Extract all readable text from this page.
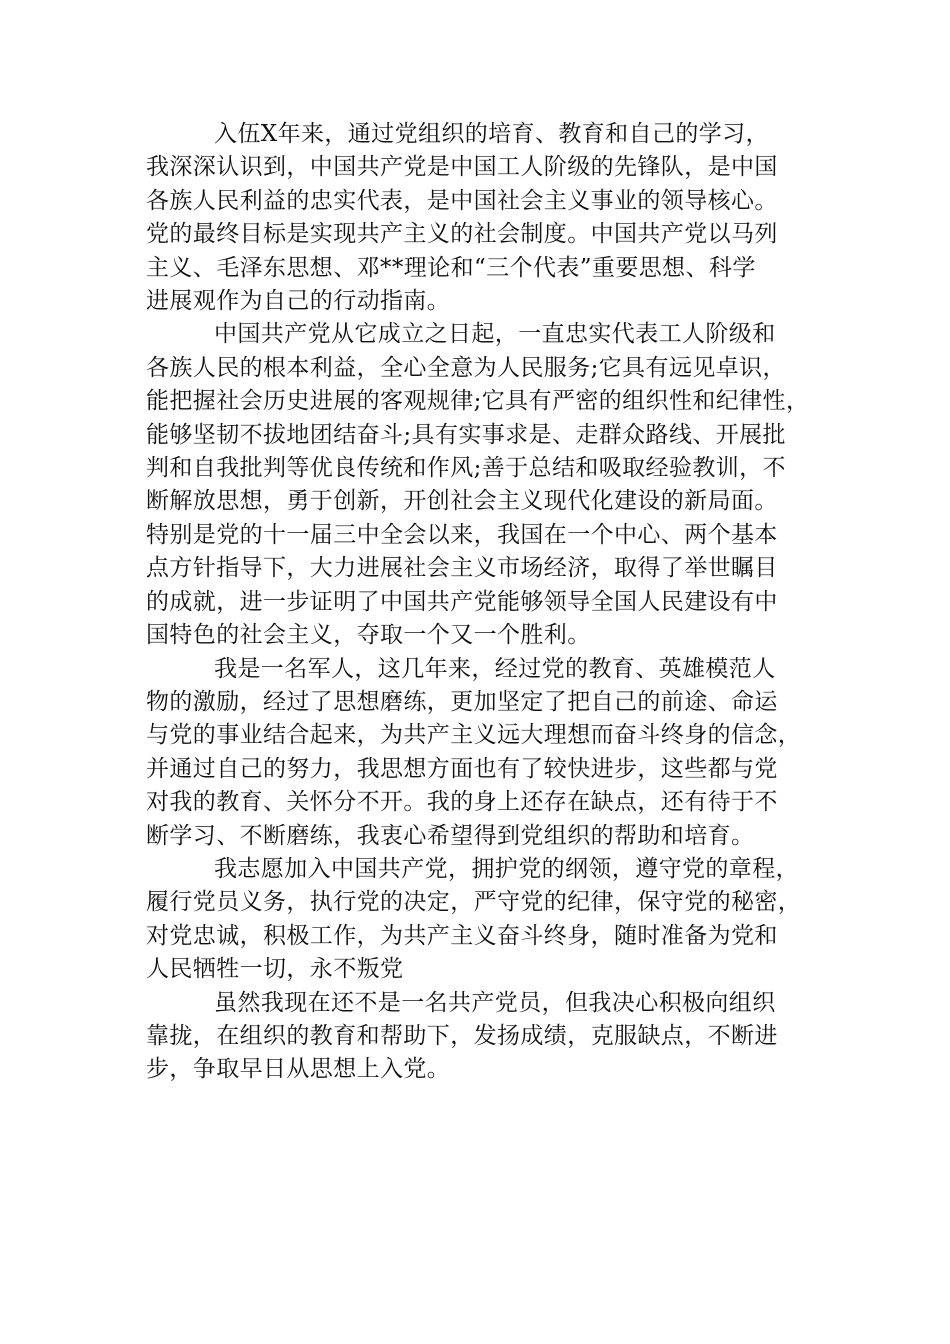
入伍X年来，通过党组织的培育、教育和自己的学习，
我深深认识到，中国共产党是中国工人阶级的先锋队，是中国
各族人民利益的忠实代表，是中国社会主义事业的领导核心。
党的最终目标是实现共产主义的社会制度。中国共产党以马列
主义、毛泽东思想、邓**理论和“三个代表”重要思想、科学
进展观作为自己的行动指南。

中国共产党从它成立之日起，一直忠实代表工人阶级和
各族人民的根本利益，全心全意为人民服务;它具有远见卓识，
能把握社会历史进展的客观规律;它具有严密的组织性和纪律性，
能够坚韧不拔地团结奋斗;具有实事求是、走群众路线、开展批
判和自我批判等优良传统和作风;善于总结和吸取经验教训，不
断解放思想，勇于创新，开创社会主义现代化建设的新局面。
特别是党的十一届三中全会以来，我国在一个中心、两个基本
点方针指导下，大力进展社会主义市场经济，取得了举世瞩目
的成就，进一步证明了中国共产党能够领导全国人民建设有中
国特色的社会主义，夺取一个又一个胜利。

我是一名军人，这几年来，经过党的教育、英雄模范人
物的激励，经过了思想磨练，更加坚定了把自己的前途、命运
与党的事业结合起来，为共产主义远大理想而奋斗终身的信念，
并通过自己的努力，我思想方面也有了较快进步，这些都与党
对我的教育、关怀分不开。我的身上还存在缺点，还有待于不
断学习、不断磨练，我衷心希望得到党组织的帮助和培育。

我志愿加入中国共产党，拥护党的纲领，遵守党的章程，
履行党员义务，执行党的决定，严守党的纪律，保守党的秘密，
对党忠诚，积极工作，为共产主义奋斗终身，随时准备为党和
人民牺牲一切，永不叛党

虽然我现在还不是一名共产党员，但我决心积极向组织
靠拢，在组织的教育和帮助下，发扬成绩，克服缺点，不断进
步，争取早日从思想上入党。
